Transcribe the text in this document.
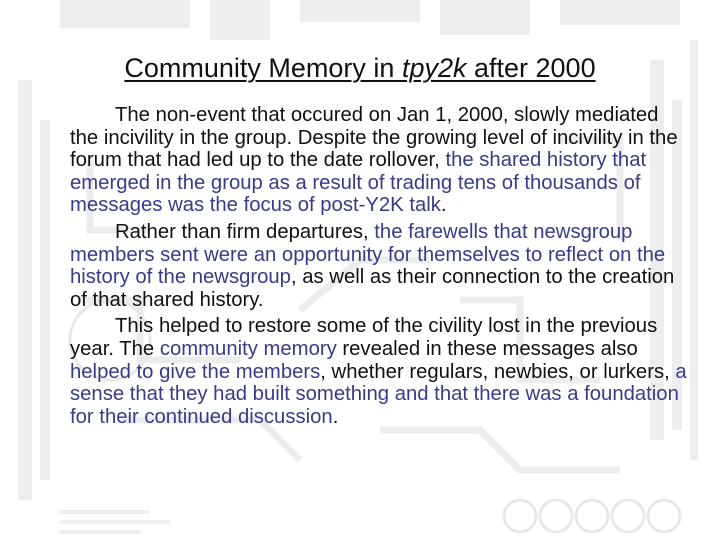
Community Memory in tpy2k after 2000

The non-event that occured on Jan 1, 2000, slowly mediated the incivility in the group. Despite the growing level of incivility in the forum that had led up to the date rollover, the shared history that emerged in the group as a result of trading tens of thousands of messages was the focus of post-Y2K talk.

Rather than firm departures, the farewells that newsgroup members sent were an opportunity for themselves to reflect on the history of the newsgroup, as well as their connection to the creation of that shared history.

This helped to restore some of the civility lost in the previous year. The community memory revealed in these messages also helped to give the members, whether regulars, newbies, or lurkers, a sense that they had built something and that there was a foundation for their continued discussion.
